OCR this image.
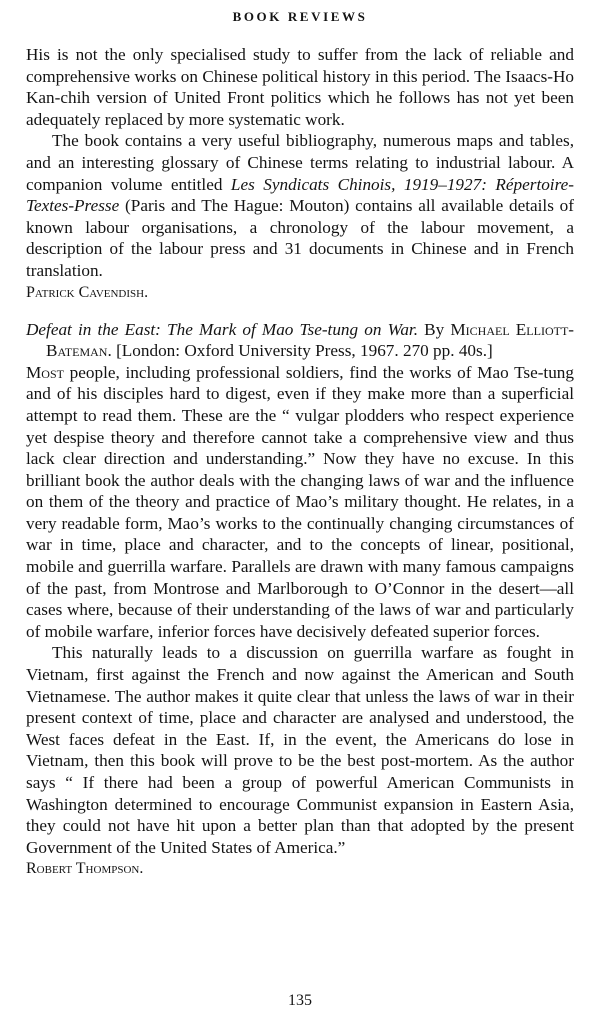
BOOK REVIEWS

His is not the only specialised study to suffer from the lack of reliable and comprehensive works on Chinese political history in this period. The Isaacs-Ho Kan-chih version of United Front politics which he follows has not yet been adequately replaced by more systematic work.

The book contains a very useful bibliography, numerous maps and tables, and an interesting glossary of Chinese terms relating to industrial labour. A companion volume entitled Les Syndicats Chinois, 1919–1927: Répertoire-Textes-Presse (Paris and The Hague: Mouton) contains all available details of known labour organisations, a chronology of the labour movement, a description of the labour press and 31 documents in Chinese and in French translation.

Patrick Cavendish.

Defeat in the East: The Mark of Mao Tse-tung on War. By Michael Elliott-Bateman. [London: Oxford University Press, 1967. 270 pp. 40s.]

Most people, including professional soldiers, find the works of Mao Tse-tung and of his disciples hard to digest, even if they make more than a superficial attempt to read them. These are the “ vulgar plodders who respect experience yet despise theory and therefore cannot take a comprehensive view and thus lack clear direction and understanding.” Now they have no excuse. In this brilliant book the author deals with the changing laws of war and the influence on them of the theory and practice of Mao’s military thought. He relates, in a very readable form, Mao’s works to the continually changing circumstances of war in time, place and character, and to the concepts of linear, positional, mobile and guerrilla warfare. Parallels are drawn with many famous campaigns of the past, from Montrose and Marlborough to O’Connor in the desert—all cases where, because of their understanding of the laws of war and particularly of mobile warfare, inferior forces have decisively defeated superior forces.

This naturally leads to a discussion on guerrilla warfare as fought in Vietnam, first against the French and now against the American and South Vietnamese. The author makes it quite clear that unless the laws of war in their present context of time, place and character are analysed and understood, the West faces defeat in the East. If, in the event, the Americans do lose in Vietnam, then this book will prove to be the best post-mortem. As the author says “ If there had been a group of powerful American Communists in Washington determined to encourage Communist expansion in Eastern Asia, they could not have hit upon a better plan than that adopted by the present Government of the United States of America.”

Robert Thompson.

135
